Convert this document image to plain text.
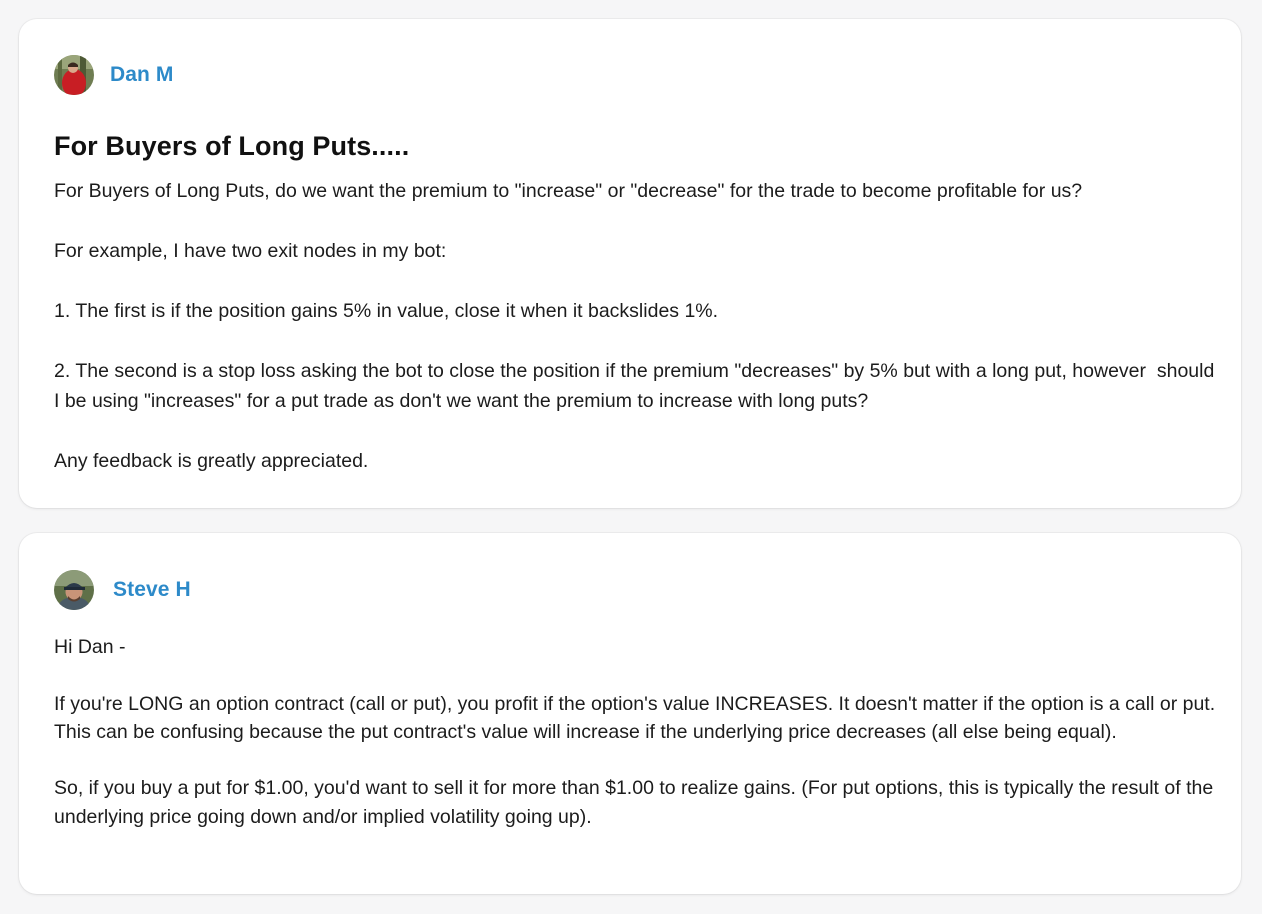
Dan M
For Buyers of Long Puts.....

For Buyers of Long Puts, do we want the premium to "increase" or "decrease" for the trade to become profitable for us?

For example, I have two exit nodes in my bot:

1. The first is if the position gains 5% in value, close it when it backslides 1%.

2. The second is a stop loss asking the bot to close the position if the premium "decreases" by 5% but with a long put, however  should I be using "increases" for a put trade as don't we want the premium to increase with long puts?

Any feedback is greatly appreciated.

Steve H

Hi Dan -

If you're LONG an option contract (call or put), you profit if the option's value INCREASES. It doesn't matter if the option is a call or put. This can be confusing because the put contract's value will increase if the underlying price decreases (all else being equal).

So, if you buy a put for $1.00, you'd want to sell it for more than $1.00 to realize gains. (For put options, this is typically the result of the underlying price going down and/or implied volatility going up).
